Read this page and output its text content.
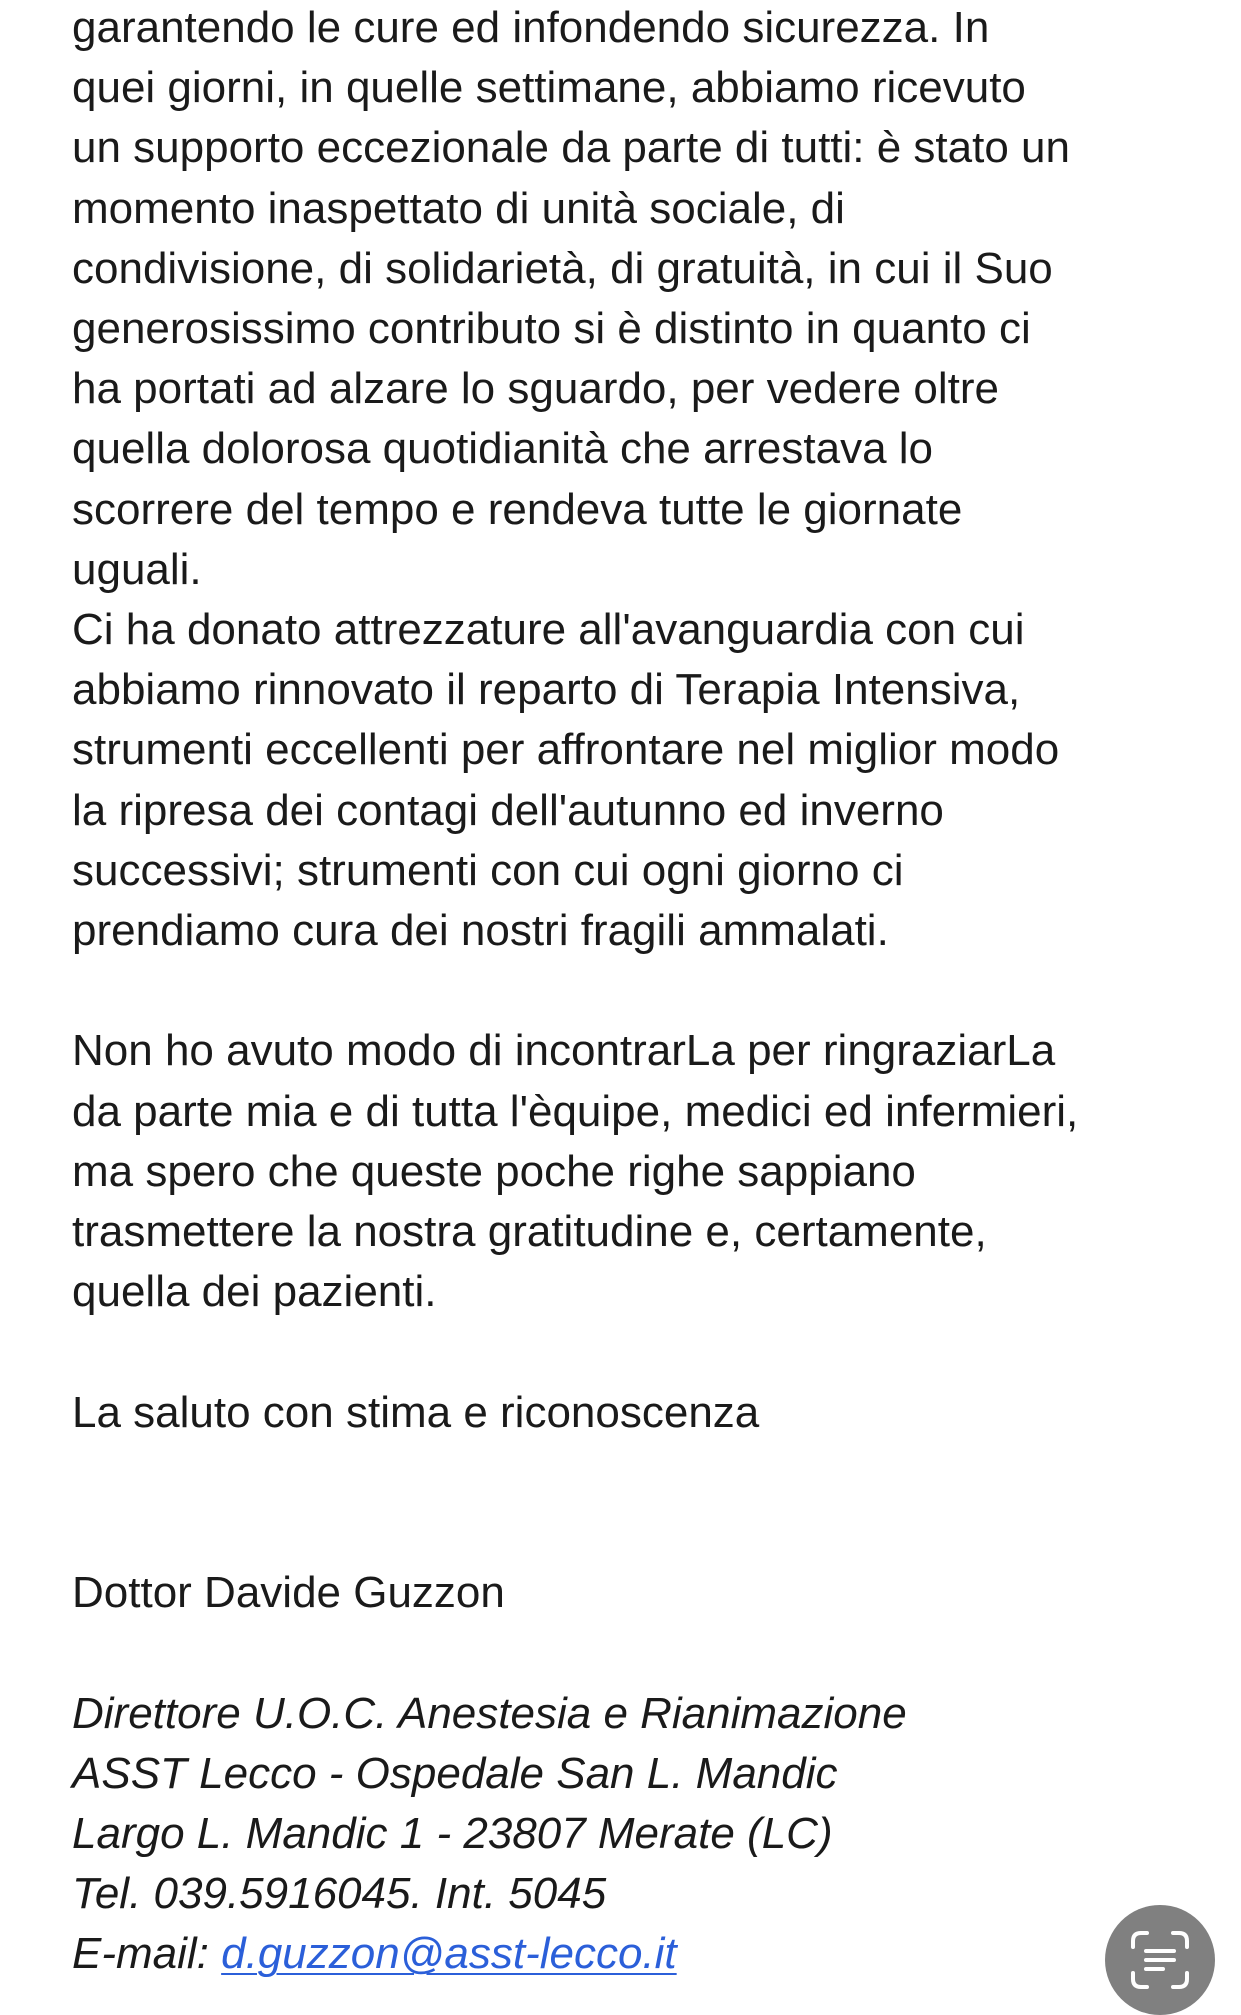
garantendo le cure ed infondendo sicurezza. In
quei giorni, in quelle settimane, abbiamo ricevuto
un supporto eccezionale da parte di tutti: è stato un
momento inaspettato di unità sociale, di
condivisione, di solidarietà, di gratuità, in cui il Suo
generosissimo contributo si è distinto in quanto ci
ha portati ad alzare lo sguardo, per vedere oltre
quella dolorosa quotidianità che arrestava lo
scorrere del tempo e rendeva tutte le giornate
uguali.
Ci ha donato attrezzature all'avanguardia con cui
abbiamo rinnovato il reparto di Terapia Intensiva,
strumenti eccellenti per affrontare nel miglior modo
la ripresa dei contagi dell'autunno ed inverno
successivi; strumenti con cui ogni giorno ci
prendiamo cura dei nostri fragili ammalati.
Non ho avuto modo di incontrarLa per ringraziarLa
da parte mia e di tutta l'èquipe, medici ed infermieri,
ma spero che queste poche righe sappiano
trasmettere la nostra gratitudine e, certamente,
quella dei pazienti.
La saluto con stima e riconoscenza
Dottor Davide Guzzon
Direttore U.O.C. Anestesia e Rianimazione
ASST Lecco - Ospedale San L. Mandic
Largo L. Mandic 1 - 23807 Merate (LC)
Tel. 039.5916045. Int. 5045
E-mail: d.guzzon@asst-lecco.it
